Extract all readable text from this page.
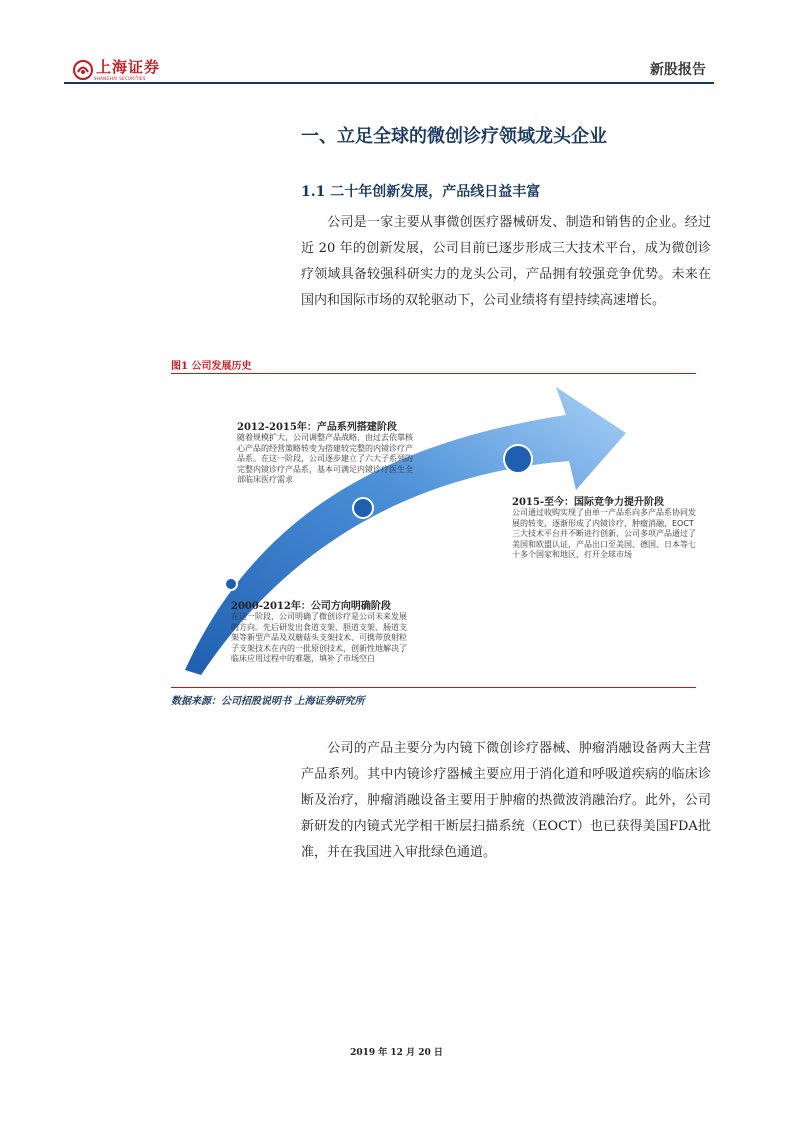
上海证券
SHANGHAI SECURITIES
新股报告
一、立足全球的微创诊疗领域龙头企业
1.1 二十年创新发展，产品线日益丰富
公司是一家主要从事微创医疗器械研发、制造和销售的企业。经过近 20 年的创新发展，公司目前已逐步形成三大技术平台，成为微创诊疗领域具备较强科研实力的龙头公司，产品拥有较强竞争优势。未来在国内和国际市场的双轮驱动下，公司业绩将有望持续高速增长。
图1 公司发展历史
2012-2015年：产品系列搭建阶段
随着规模扩大，公司调整产品战略，由过去依靠核心产品的经营策略转变为搭建较完整的内镜诊疗产品系。在这一阶段，公司逐步建立了六大子系列的完整内镜诊疗产品系，基本可满足内镜诊疗医生全部临床医疗需求
2015-至今：国际竞争力提升阶段
公司通过收购实现了由单一产品系向多产品系协同发展的转变，逐渐形成了内镜诊疗、肿瘤消融、EOCT三大技术平台并不断进行创新，公司多项产品通过了美国和欧盟认证，产品出口至美国、德国、日本等七十多个国家和地区，打开全球市场
2000-2012年：公司方向明确阶段
在这一阶段，公司明确了微创诊疗是公司未来发展的方向。先后研发出食道支架、胆道支架、肠道支架等新型产品及双蘑菇头支架技术、可携带放射粒子支架技术在内的一批原创技术，创新性地解决了临床应用过程中的难题，填补了市场空白
数据来源：公司招股说明书 上海证券研究所
公司的产品主要分为内镜下微创诊疗器械、肿瘤消融设备两大主营产品系列。其中内镜诊疗器械主要应用于消化道和呼吸道疾病的临床诊断及治疗，肿瘤消融设备主要用于肿瘤的热微波消融治疗。此外，公司新研发的内镜式光学相干断层扫描系统（EOCT）也已获得美国FDA批准，并在我国进入审批绿色通道。
2019 年 12 月 20 日
